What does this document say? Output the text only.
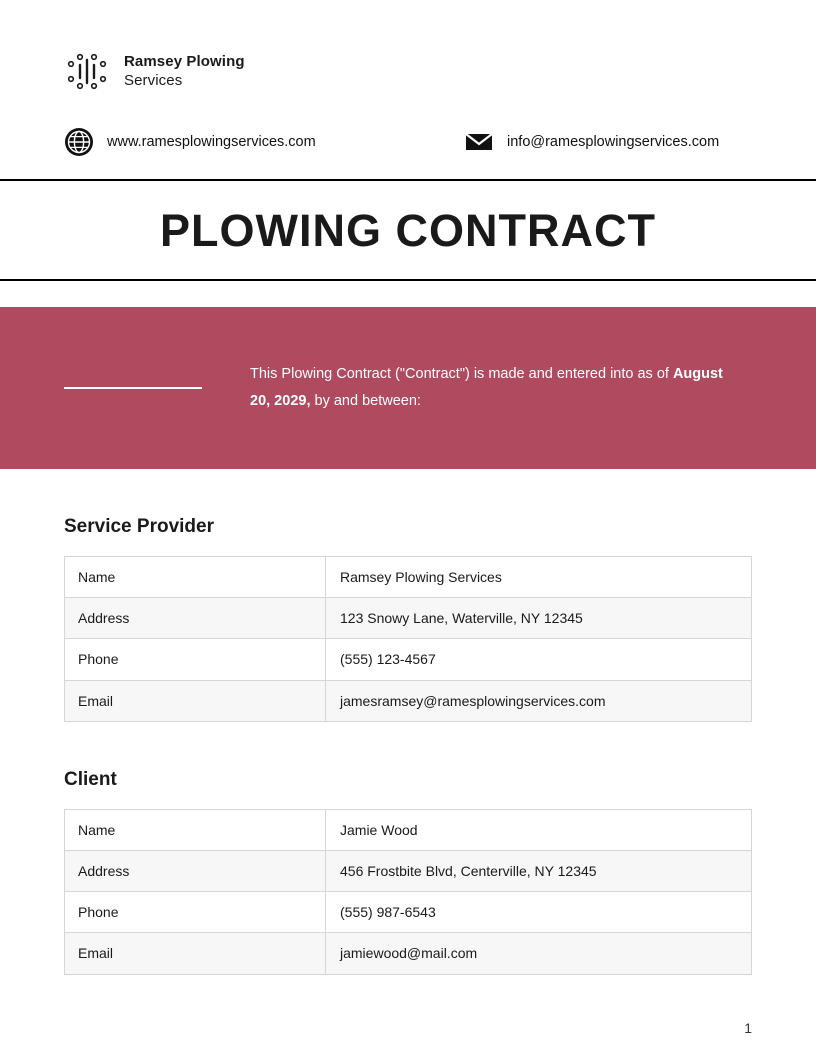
Ramsey Plowing
Services
www.ramesplowingservices.com	info@ramesplowingservices.com
PLOWING CONTRACT
This Plowing Contract ("Contract") is made and entered into as of August 20, 2029, by and between:
Service Provider
Name	Ramsey Plowing Services
Address	123 Snowy Lane, Waterville, NY 12345
Phone	(555) 123-4567
Email	jamesramsey@ramesplowingservices.com
Client
Name	Jamie Wood
Address	456 Frostbite Blvd, Centerville, NY 12345
Phone	(555) 987-6543
Email	jamiewood@mail.com
1
